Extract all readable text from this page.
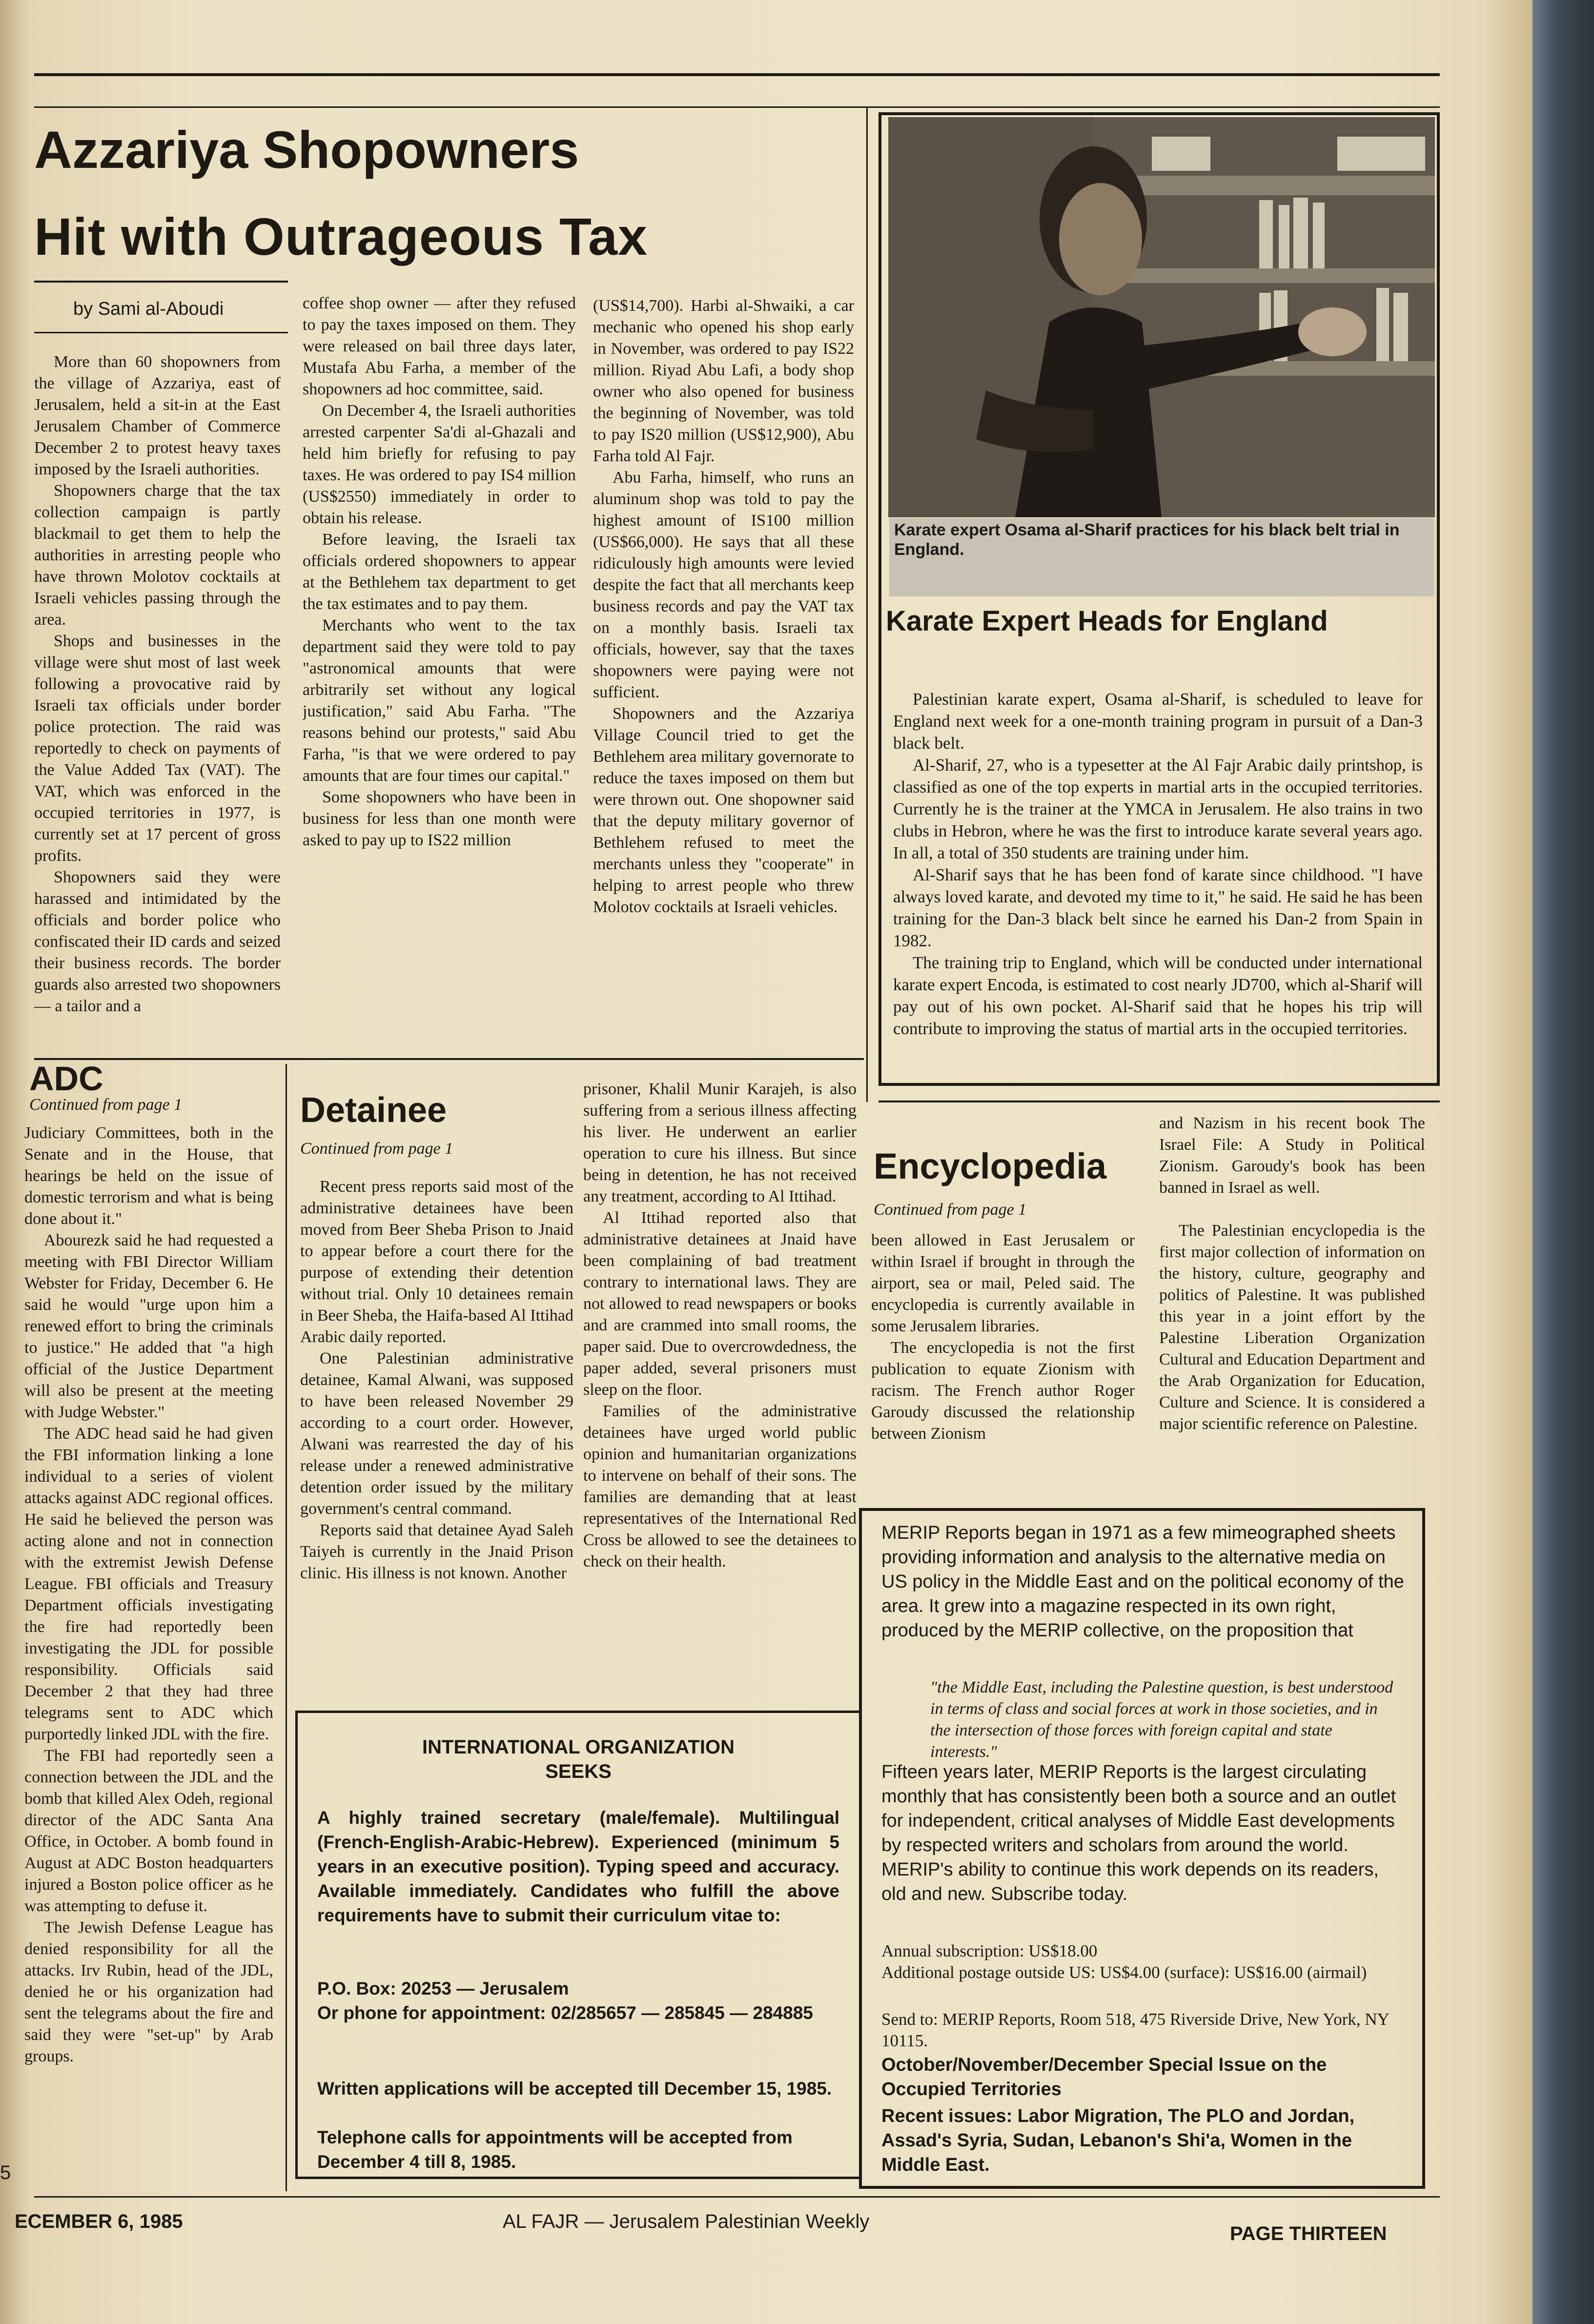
Azzariya Shopowners
Hit with Outrageous Tax
by Sami al-Aboudi

More than 60 shopowners from the village of Azzariya, east of Jerusalem, held a sit-in at the East Jerusalem Chamber of Commerce December 2 to protest heavy taxes imposed by the Israeli authorities.

Shopowners charge that the tax collection campaign is partly blackmail to get them to help the authorities in arresting people who have thrown Molotov cocktails at Israeli vehicles passing through the area.

Shops and businesses in the village were shut most of last week following a provocative raid by Israeli tax officials under border police protection. The raid was reportedly to check on payments of the Value Added Tax (VAT). The VAT, which was enforced in the occupied territories in 1977, is currently set at 17 percent of gross profits.

Shopowners said they were harassed and intimidated by the officials and border police who confiscated their ID cards and seized their business records. The border guards also arrested two shopowners — a tailor and a

coffee shop owner — after they refused to pay the taxes imposed on them. They were released on bail three days later, Mustafa Abu Farha, a member of the shopowners ad hoc committee, said.

On December 4, the Israeli authorities arrested carpenter Sa'di al-Ghazali and held him briefly for refusing to pay taxes. He was ordered to pay IS4 million (US$2550) immediately in order to obtain his release.

Before leaving, the Israeli tax officials ordered shopowners to appear at the Bethlehem tax department to get the tax estimates and to pay them.

Merchants who went to the tax department said they were told to pay "astronomical amounts that were arbitrarily set without any logical justification," said Abu Farha. "The reasons behind our protests," said Abu Farha, "is that we were ordered to pay amounts that are four times our capital."

Some shopowners who have been in business for less than one month were asked to pay up to IS22 million

(US$14,700). Harbi al-Shwaiki, a car mechanic who opened his shop early in November, was ordered to pay IS22 million. Riyad Abu Lafi, a body shop owner who also opened for business the beginning of November, was told to pay IS20 million (US$12,900), Abu Farha told Al Fajr.

Abu Farha, himself, who runs an aluminum shop was told to pay the highest amount of IS100 million (US$66,000). He says that all these ridiculously high amounts were levied despite the fact that all merchants keep business records and pay the VAT tax on a monthly basis. Israeli tax officials, however, say that the taxes shopowners were paying were not sufficient.

Shopowners and the Azzariya Village Council tried to get the Bethlehem area military governorate to reduce the taxes imposed on them but were thrown out. One shopowner said that the deputy military governor of Bethlehem refused to meet the merchants unless they "cooperate" in helping to arrest people who threw Molotov cocktails at Israeli vehicles.

Karate expert Osama al-Sharif practices for his black belt trial in England.
Karate Expert Heads for England

Palestinian karate expert, Osama al-Sharif, is scheduled to leave for England next week for a one-month training program in pursuit of a Dan-3 black belt.

Al-Sharif, 27, who is a typesetter at the Al Fajr Arabic daily printshop, is classified as one of the top experts in martial arts in the occupied territories. Currently he is the trainer at the YMCA in Jerusalem. He also trains in two clubs in Hebron, where he was the first to introduce karate several years ago. In all, a total of 350 students are training under him.

Al-Sharif says that he has been fond of karate since childhood. "I have always loved karate, and devoted my time to it," he said. He said he has been training for the Dan-3 black belt since he earned his Dan-2 from Spain in 1982.

The training trip to England, which will be conducted under international karate expert Encoda, is estimated to cost nearly JD700, which al-Sharif will pay out of his own pocket. Al-Sharif said that he hopes his trip will contribute to improving the status of martial arts in the occupied territories.

ADC
Continued from page 1

Judiciary Committees, both in the Senate and in the House, that hearings be held on the issue of domestic terrorism and what is being done about it."

Abourezk said he had requested a meeting with FBI Director William Webster for Friday, December 6. He said he would "urge upon him a renewed effort to bring the criminals to justice." He added that "a high official of the Justice Department will also be present at the meeting with Judge Webster."

The ADC head said he had given the FBI information linking a lone individual to a series of violent attacks against ADC regional offices. He said he believed the person was acting alone and not in connection with the extremist Jewish Defense League. FBI officials and Treasury Department officials investigating the fire had reportedly been investigating the JDL for possible responsibility. Officials said December 2 that they had three telegrams sent to ADC which purportedly linked JDL with the fire.

The FBI had reportedly seen a connection between the JDL and the bomb that killed Alex Odeh, regional director of the ADC Santa Ana Office, in October. A bomb found in August at ADC Boston headquarters injured a Boston police officer as he was attempting to defuse it.

The Jewish Defense League has denied responsibility for all the attacks. Irv Rubin, head of the JDL, denied he or his organization had sent the telegrams about the fire and said they were "set-up" by Arab groups.

Detainee
Continued from page 1

Recent press reports said most of the administrative detainees have been moved from Beer Sheba Prison to Jnaid to appear before a court there for the purpose of extending their detention without trial. Only 10 detainees remain in Beer Sheba, the Haifa-based Al Ittihad Arabic daily reported.

One Palestinian administrative detainee, Kamal Alwani, was supposed to have been released November 29 according to a court order. However, Alwani was rearrested the day of his release under a renewed administrative detention order issued by the military government's central command.

Reports said that detainee Ayad Saleh Taiyeh is currently in the Jnaid Prison clinic. His illness is not known. Another

prisoner, Khalil Munir Karajeh, is also suffering from a serious illness affecting his liver. He underwent an earlier operation to cure his illness. But since being in detention, he has not received any treatment, according to Al Ittihad.

Al Ittihad reported also that administrative detainees at Jnaid have been complaining of bad treatment contrary to international laws. They are not allowed to read newspapers or books and are crammed into small rooms, the paper said. Due to overcrowdedness, the paper added, several prisoners must sleep on the floor.

Families of the administrative detainees have urged world public opinion and humanitarian organizations to intervene on behalf of their sons. The families are demanding that at least representatives of the International Red Cross be allowed to see the detainees to check on their health.

INTERNATIONAL ORGANIZATION
SEEKS
A highly trained secretary (male/female). Multilingual (French-English-Arabic-Hebrew). Experienced (minimum 5 years in an executive position). Typing speed and accuracy. Available immediately. Candidates who fulfill the above requirements have to submit their curriculum vitae to:
P.O. Box: 20253 — Jerusalem
Or phone for appointment: 02/285657 — 285845 — 284885
Written applications will be accepted till December 15, 1985.
Telephone calls for appointments will be accepted from December 4 till 8, 1985.
Encyclopedia
Continued from page 1

been allowed in East Jerusalem or within Israel if brought in through the airport, sea or mail, Peled said. The encyclopedia is currently available in some Jerusalem libraries.

The encyclopedia is not the first publication to equate Zionism with racism. The French author Roger Garoudy discussed the relationship between Zionism

and Nazism in his recent book The Israel File: A Study in Political Zionism. Garoudy's book has been banned in Israel as well.

The Palestinian encyclopedia is the first major collection of information on the history, culture, geography and politics of Palestine. It was published this year in a joint effort by the Palestine Liberation Organization Cultural and Education Department and the Arab Organization for Education, Culture and Science. It is considered a major scientific reference on Palestine.

MERIP Reports began in 1971 as a few mimeographed sheets providing information and analysis to the alternative media on US policy in the Middle East and on the political economy of the area. It grew into a magazine respected in its own right, produced by the MERIP collective, on the proposition that
"the Middle East, including the Palestine question, is best understood in terms of class and social forces at work in those societies, and in the intersection of those forces with foreign capital and state interests."
Fifteen years later, MERIP Reports is the largest circulating monthly that has consistently been both a source and an outlet for independent, critical analyses of Middle East developments by respected writers and scholars from around the world. MERIP's ability to continue this work depends on its readers, old and new. Subscribe today.
Annual subscription: US$18.00
Additional postage outside US: US$4.00 (surface): US$16.00 (airmail)
Send to: MERIP Reports, Room 518, 475 Riverside Drive, New York, NY 10115.
October/November/December Special Issue on the Occupied Territories
Recent issues: Labor Migration, The PLO and Jordan, Assad's Syria, Sudan, Lebanon's Shi'a, Women in the Middle East.
5
ECEMBER 6, 1985	AL FAJR — Jerusalem Palestinian Weekly
PAGE THIRTEEN
